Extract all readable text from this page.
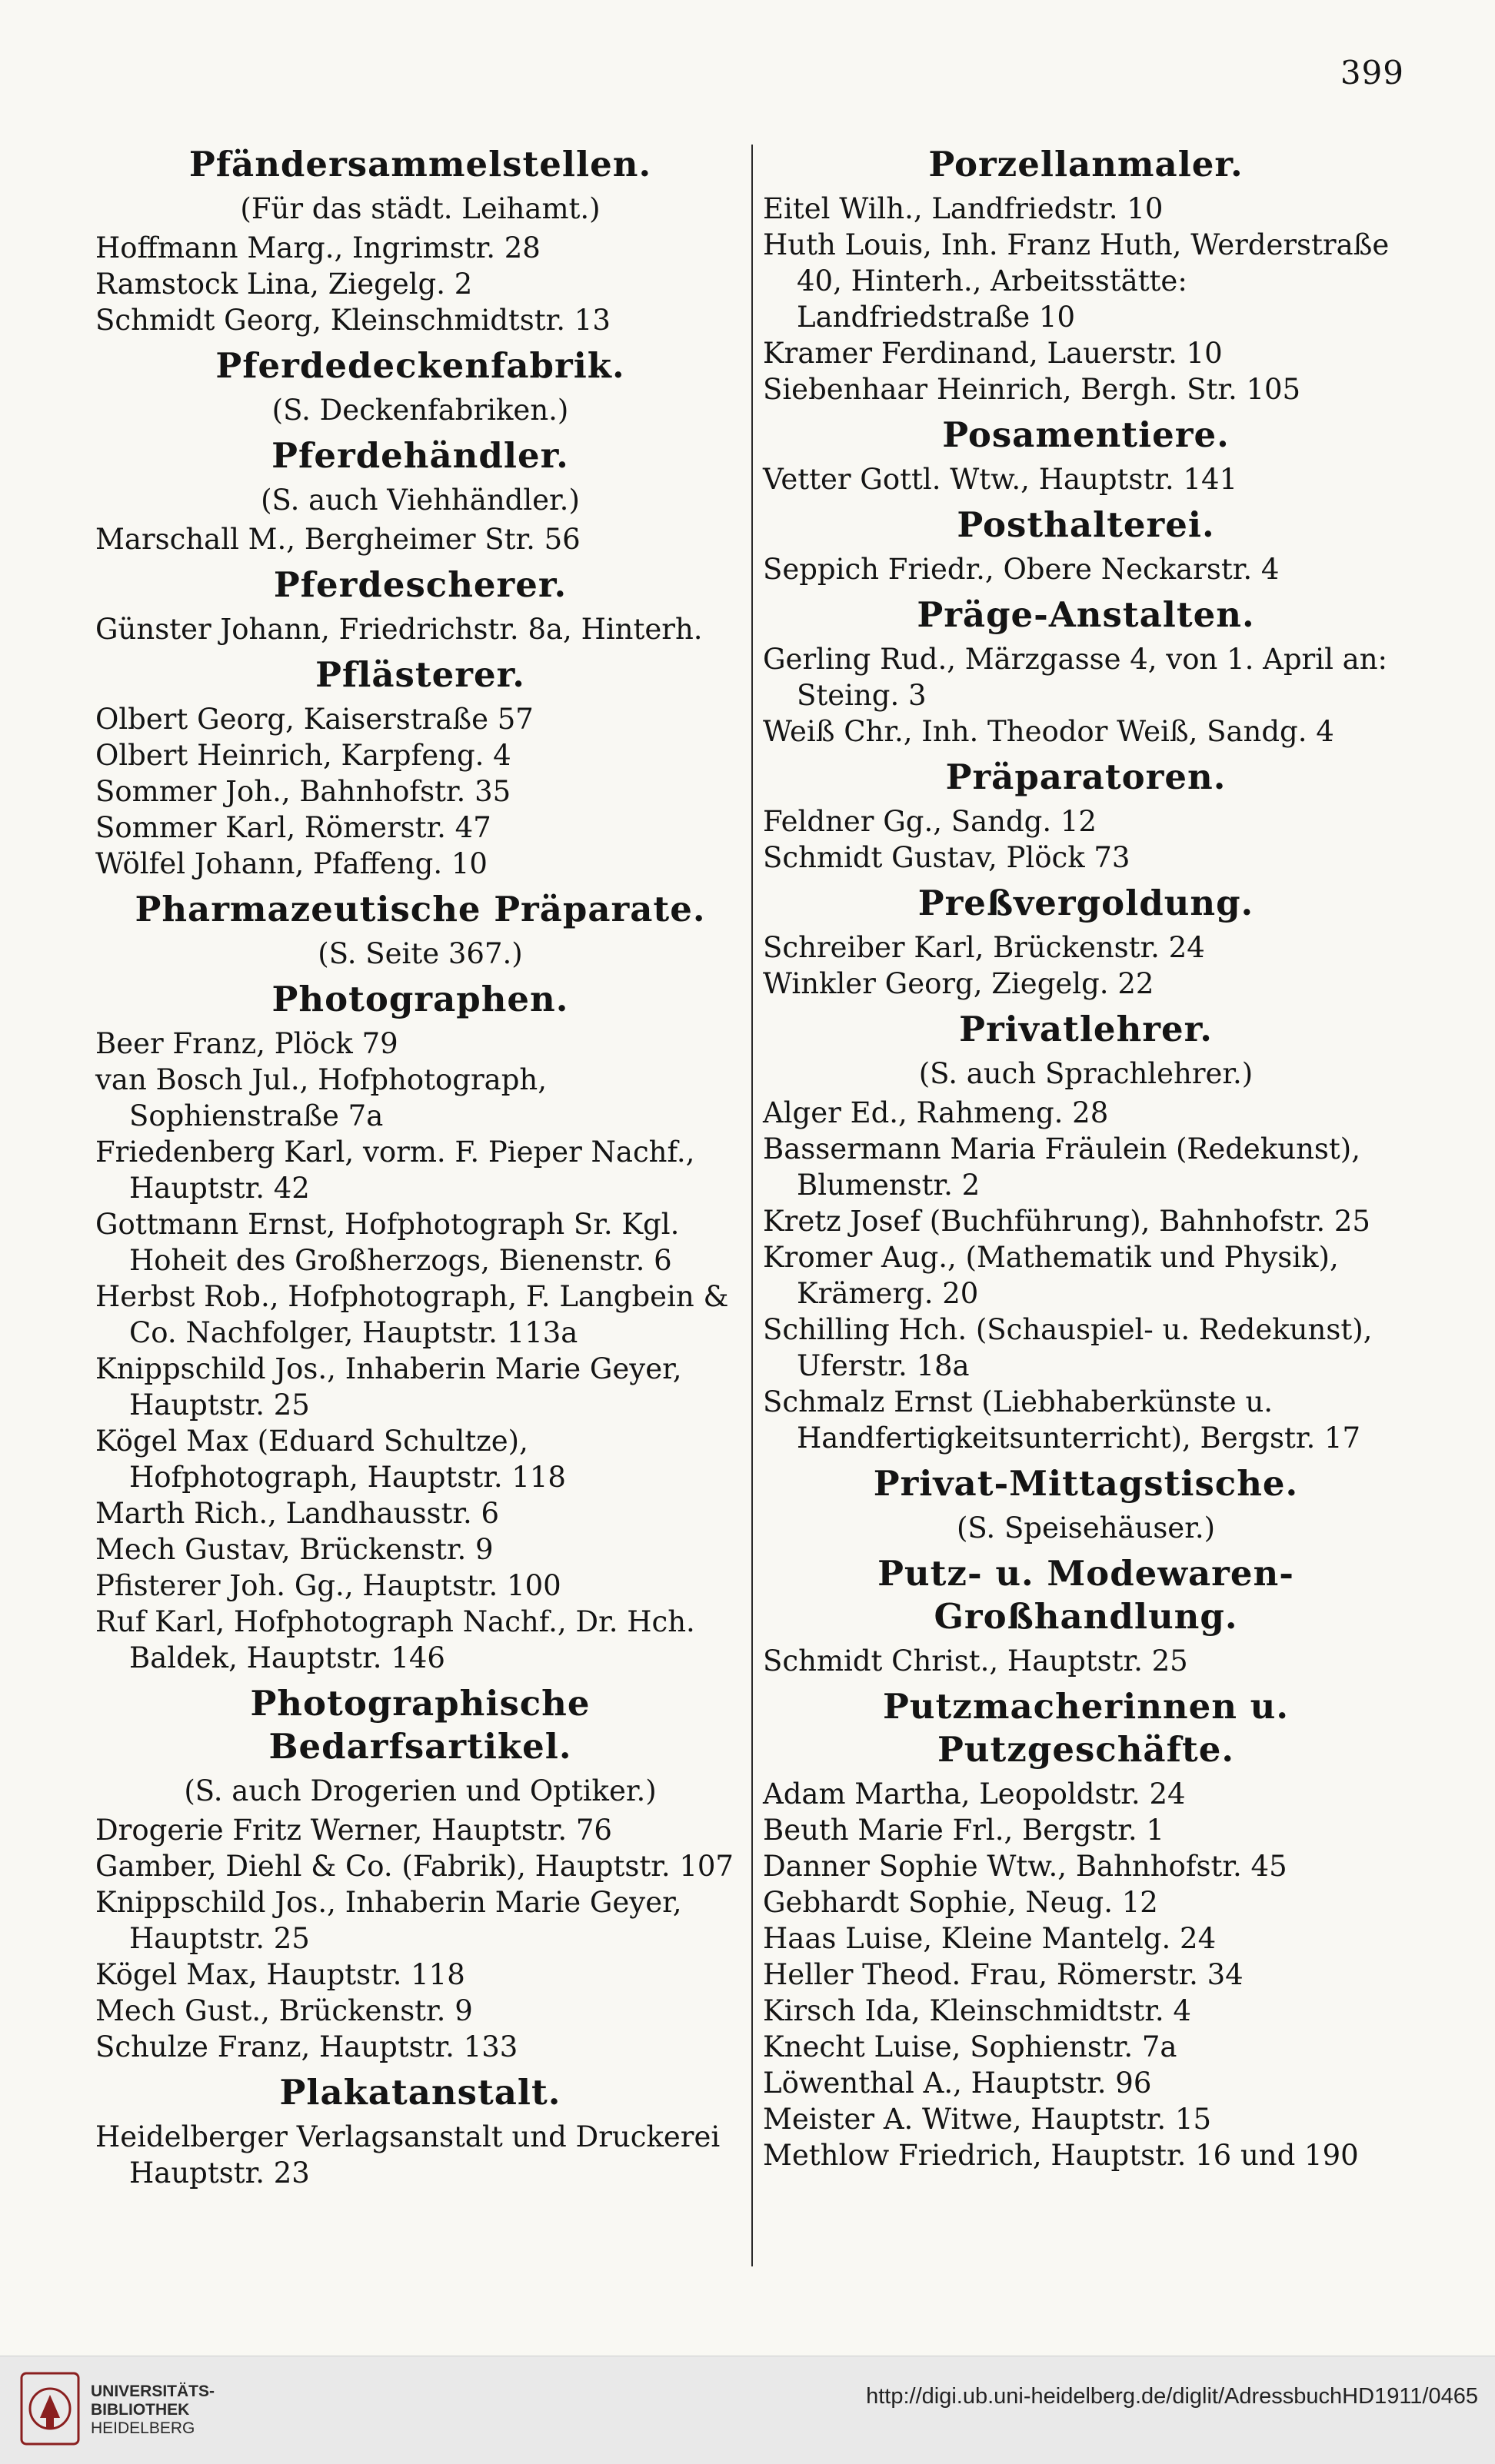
399
Pfändersammelstellen.
(Für das städt. Leihamt.)
Hoffmann Marg., Ingrimstr. 28
Ramstock Lina, Ziegelg. 2
Schmidt Georg, Kleinschmidtstr. 13
Pferdedeckenfabrik.
(S. Deckenfabriken.)
Pferdehändler.
(S. auch Viehhändler.)
Marschall M., Bergheimer Str. 56
Pferdescherer.
Günster Johann, Friedrichstr. 8a, Hinterh.
Pflästerer.
Olbert Georg, Kaiserstraße 57
Olbert Heinrich, Karpfeng. 4
Sommer Joh., Bahnhofstr. 35
Sommer Karl, Römerstr. 47
Wölfel Johann, Pfaffeng. 10
Pharmazeutische Präparate.
(S. Seite 367.)
Photographen.
Beer Franz, Plöck 79
van Bosch Jul., Hofphotograph, Sophienstraße 7a
Friedenberg Karl, vorm. F. Pieper Nachf., Hauptstr. 42
Gottmann Ernst, Hofphotograph Sr. Kgl. Hoheit des Großherzogs, Bienenstr. 6
Herbst Rob., Hofphotograph, F. Langbein & Co. Nachfolger, Hauptstr. 113a
Knippschild Jos., Inhaberin Marie Geyer, Hauptstr. 25
Kögel Max (Eduard Schultze), Hofphotograph, Hauptstr. 118
Marth Rich., Landhausstr. 6
Mech Gustav, Brückenstr. 9
Pfisterer Joh. Gg., Hauptstr. 100
Ruf Karl, Hofphotograph Nachf., Dr. Hch. Baldek, Hauptstr. 146
Photographische Bedarfsartikel.
(S. auch Drogerien und Optiker.)
Drogerie Fritz Werner, Hauptstr. 76
Gamber, Diehl & Co. (Fabrik), Hauptstr. 107
Knippschild Jos., Inhaberin Marie Geyer, Hauptstr. 25
Kögel Max, Hauptstr. 118
Mech Gust., Brückenstr. 9
Schulze Franz, Hauptstr. 133
Plakatanstalt.
Heidelberger Verlagsanstalt und Druckerei Hauptstr. 23
Porzellanmaler.
Eitel Wilh., Landfriedstr. 10
Huth Louis, Inh. Franz Huth, Werderstraße 40, Hinterh., Arbeitsstätte: Landfriedstraße 10
Kramer Ferdinand, Lauerstr. 10
Siebenhaar Heinrich, Bergh. Str. 105
Posamentiere.
Vetter Gottl. Wtw., Hauptstr. 141
Posthalterei.
Seppich Friedr., Obere Neckarstr. 4
Präge-Anstalten.
Gerling Rud., Märzgasse 4, von 1. April an: Steing. 3
Weiß Chr., Inh. Theodor Weiß, Sandg. 4
Präparatoren.
Feldner Gg., Sandg. 12
Schmidt Gustav, Plöck 73
Preßvergoldung.
Schreiber Karl, Brückenstr. 24
Winkler Georg, Ziegelg. 22
Privatlehrer.
(S. auch Sprachlehrer.)
Alger Ed., Rahmeng. 28
Bassermann Maria Fräulein (Redekunst), Blumenstr. 2
Kretz Josef (Buchführung), Bahnhofstr. 25
Kromer Aug., (Mathematik und Physik), Krämerg. 20
Schilling Hch. (Schauspiel- u. Redekunst), Uferstr. 18a
Schmalz Ernst (Liebhaberkünste u. Handfertigkeitsunterricht), Bergstr. 17
Privat-Mittagstische.
(S. Speisehäuser.)
Putz- u. Modewaren-Großhandlung.
Schmidt Christ., Hauptstr. 25
Putzmacherinnen u. Putzgeschäfte.
Adam Martha, Leopoldstr. 24
Beuth Marie Frl., Bergstr. 1
Danner Sophie Wtw., Bahnhofstr. 45
Gebhardt Sophie, Neug. 12
Haas Luise, Kleine Mantelg. 24
Heller Theod. Frau, Römerstr. 34
Kirsch Ida, Kleinschmidtstr. 4
Knecht Luise, Sophienstr. 7a
Löwenthal A., Hauptstr. 96
Meister A. Witwe, Hauptstr. 15
Methlow Friedrich, Hauptstr. 16 und 190
UNIVERSITÄTS-
BIBLIOTHEK
HEIDELBERG
http://digi.ub.uni-heidelberg.de/diglit/AdressbuchHD1911/0465
